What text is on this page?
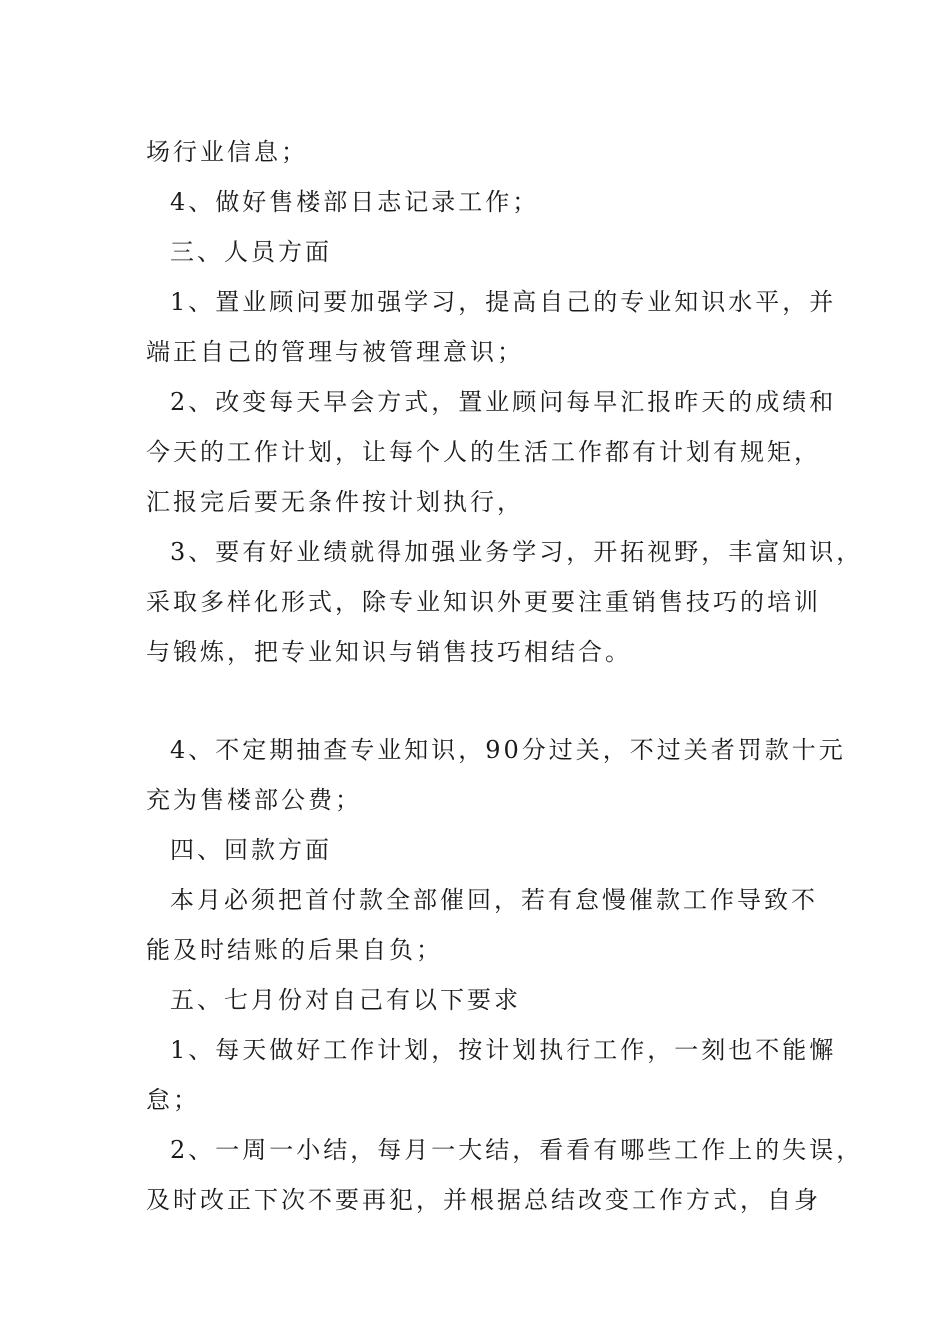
场行业信息；
4、做好售楼部日志记录工作；
三、人员方面
1、置业顾问要加强学习，提高自己的专业知识水平，并
端正自己的管理与被管理意识；
2、改变每天早会方式，置业顾问每早汇报昨天的成绩和
今天的工作计划，让每个人的生活工作都有计划有规矩，
汇报完后要无条件按计划执行，
3、要有好业绩就得加强业务学习，开拓视野，丰富知识，
采取多样化形式，除专业知识外更要注重销售技巧的培训
与锻炼，把专业知识与销售技巧相结合。
4、不定期抽查专业知识，90分过关，不过关者罚款十元
充为售楼部公费；
四、回款方面
本月必须把首付款全部催回，若有怠慢催款工作导致不
能及时结账的后果自负；
五、七月份对自己有以下要求
1、每天做好工作计划，按计划执行工作，一刻也不能懈
怠；
2、一周一小结，每月一大结，看看有哪些工作上的失误，
及时改正下次不要再犯，并根据总结改变工作方式，自身
